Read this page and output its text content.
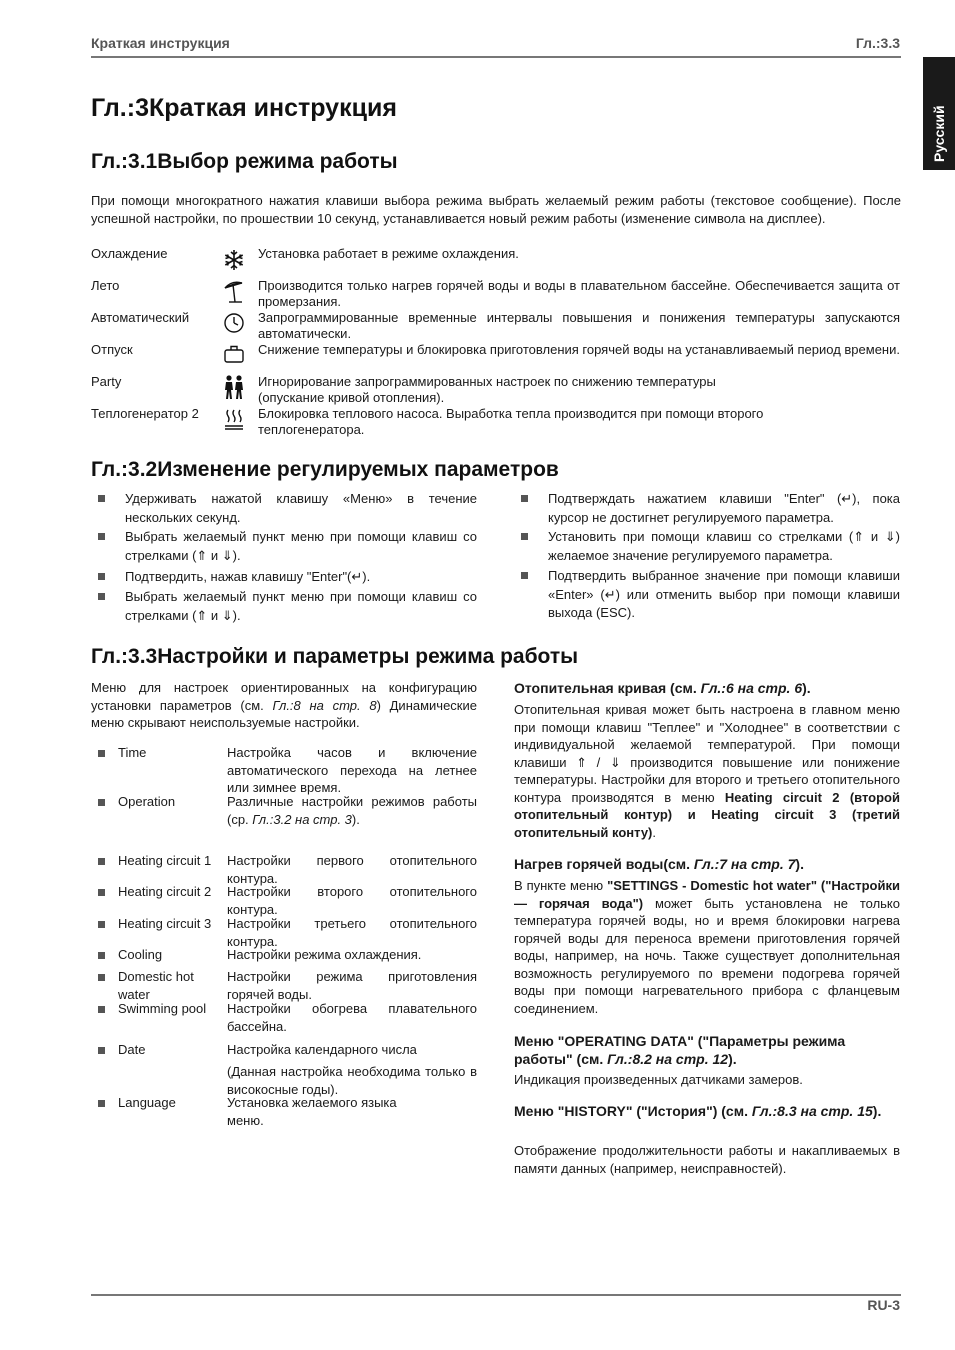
Краткая инструкция	Гл.:3.3
Русский
Гл.:3Краткая инструкция
Гл.:3.1Выбор режима работы
При помощи многократного нажатия клавиши выбора режима выбрать желаемый режим работы (текстовое сообщение). После успешной настройки, по прошествии 10 секунд, устанавливается новый режим работы (изменение символа на дисплее).
Охлаждение	Установка работает в режиме охлаждения.
Лето	Производится только нагрев горячей воды и воды в плавательном бассейне. Обеспечивается защита от промерзания.
Автоматический	Запрограммированные временные интервалы повышения и понижения температуры запускаются автоматически.
Отпуск	Снижение температуры и блокировка приготовления горячей воды на устанавливаемый период времени.
Party	Игнорирование запрограммированных настроек по снижению температуры
(опускание кривой отопления).
Теплогенератор 2	Блокировка теплового насоса. Выработка тепла производится при помощи второго
теплогенератора.
Гл.:3.2Изменение регулируемых параметров
Удерживать нажатой клавишу «Меню» в течение нескольких секунд.
Выбрать желаемый пункт меню при помощи клавиш со стрелками (⇑ и ⇓).
Подтвердить, нажав клавишу "Enter"(↵).
Выбрать желаемый пункт меню при помощи клавиш со стрелками (⇑ и ⇓).
Подтверждать нажатием клавиши "Enter" (↵), пока курсор не достигнет регулируемого параметра.
Установить при помощи клавиш со стрелками (⇑ и ⇓) желаемое значение регулируемого параметра.
Подтвердить выбранное значение при помощи клавиши «Enter» (↵) или отменить выбор при помощи клавиши выхода (ESC).
Гл.:3.3Настройки и параметры режима работы
Меню для настроек ориентированных на конфигурацию установки параметров (см. Гл.:8 на стр. 8) Динамические меню скрывают неиспользуемые настройки.
Time	Настройка часов и включение автоматического перехода на летнее или зимнее время.
Operation	Различные настройки режимов работы (ср. Гл.:3.2 на стр. 3).
Heating circuit 1	Настройки первого отопительного контура.
Heating circuit 2	Настройки второго отопительного контура.
Heating circuit 3	Настройки третьего отопительного контура.
Cooling	Настройки режима охлаждения.
Domestic hot water
Настройки режима приготовления горячей воды.
Swimming pool	Настройки обогрева плавательного бассейна.
Date	Настройка календарного числа
(Данная настройка необходима только в високосные годы).
Language	Установка желаемого языка меню.
Отопительная кривая (см. Гл.:6 на стр. 6).
Отопительная кривая может быть настроена в главном меню при помощи клавиш "Теплее" и "Холоднее" в соответствии с индивидуальной желаемой температурой. При помощи клавиши ⇑ / ⇓ производится повышение или понижение температуры. Настройки для второго и третьего отопительного контура производятся в меню Heating circuit 2 (второй отопительный контур) и Heating circuit 3 (третий отопительный конту).
Нагрев горячей воды(см. Гл.:7 на стр. 7).
В пункте меню "SETTINGS - Domestic hot water" ("Настройки — горячая вода") может быть установлена не только температура горячей воды, но и время блокировки нагрева горячей воды для переноса времени приготовления горячей воды, например, на ночь. Также существует дополнительная возможность регулируемого по времени подогрева горячей воды при помощи нагревательного прибора с фланцевым соединением.
Меню "OPERATING DATA" ("Параметры режима работы" (см. Гл.:8.2 на стр. 12).
Индикация произведенных датчиками замеров.
Меню "HISTORY" ("История") (см. Гл.:8.3 на стр. 15).
Отображение продолжительности работы и накапливаемых в памяти данных (например, неисправностей).
RU-3
